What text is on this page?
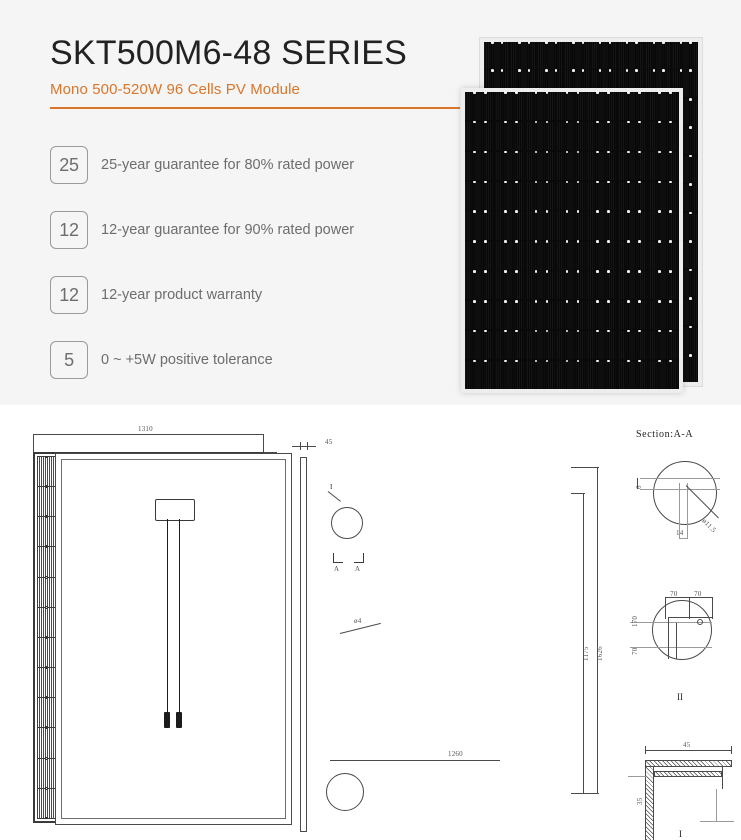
SKT500M6-48 SERIES
Mono 500-520W 96 Cells PV Module
25	25-year guarantee for 80% rated power
12	12-year guarantee for 90% rated power
12	12-year product warranty
5	0 ~ +5W positive tolerance
1310
45
I
A A
ø4
1175 1626
1260
Section:A-A
6
14 ø11.5
70 70
170
70
II
45
35
I
